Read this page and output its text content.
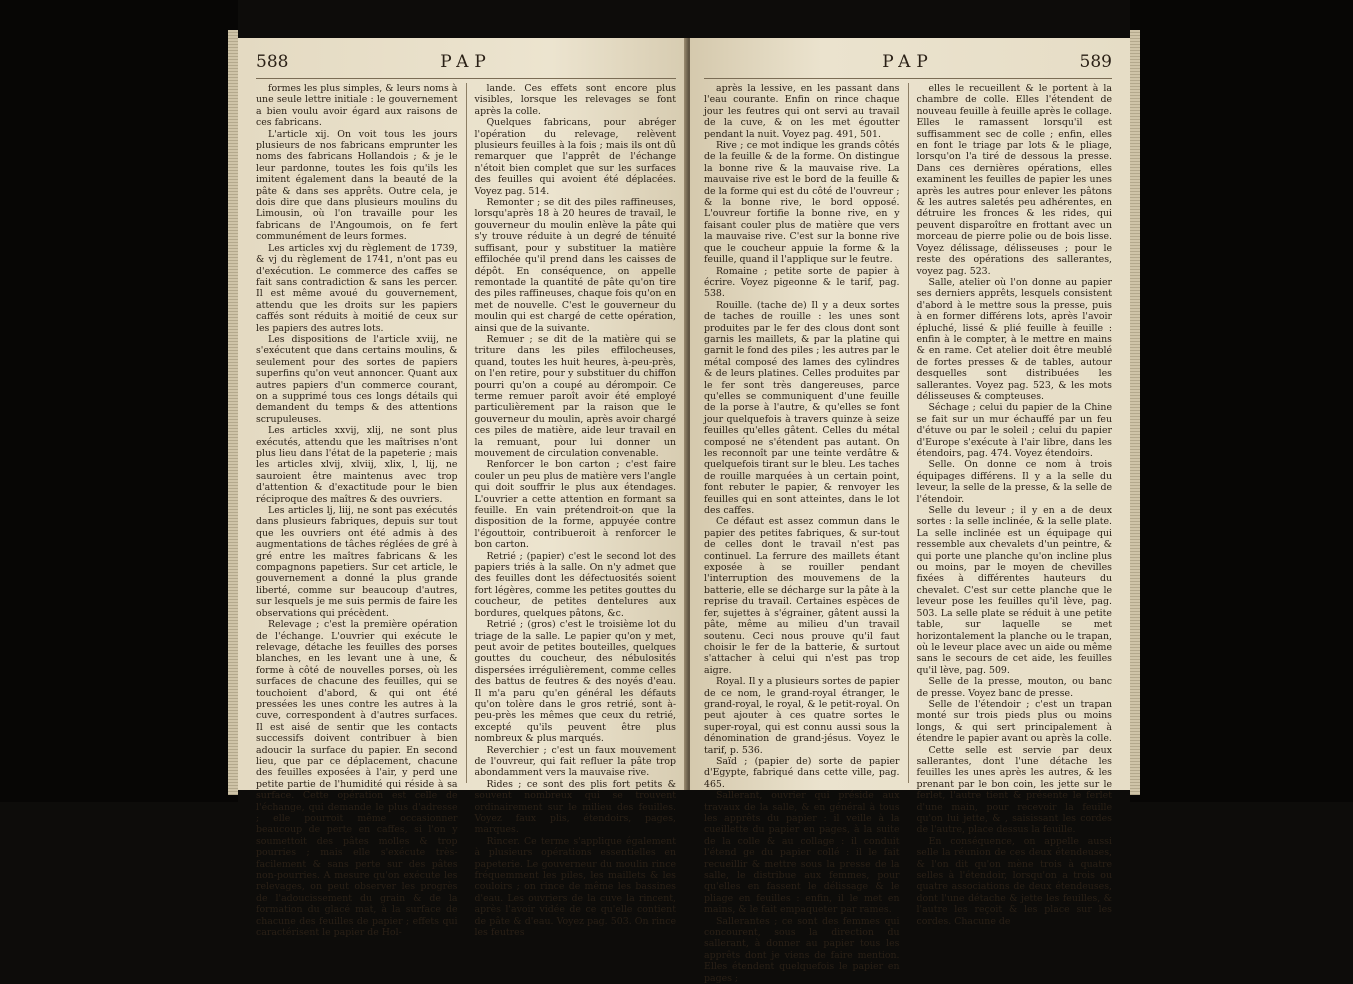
588	PAP

formes les plus simples, & leurs noms à une seule lettre initiale : le gouvernement a bien voulu avoir égard aux raisons de ces fabricans.

L'article xij. On voit tous les jours plusieurs de nos fabricans emprunter les noms des fabricans Hollandois ; & je le leur pardonne, toutes les fois qu'ils les imitent également dans la beauté de la pâte & dans ses apprêts. Outre cela, je dois dire que dans plusieurs moulins du Limousin, où l'on travaille pour les fabricans de l'Angoumois, on fe fert communément de leurs formes.

Les articles xvj du règlement de 1739, & vj du règlement de 1741, n'ont pas eu d'exécution. Le commerce des caffes se fait sans contradiction & sans les percer. Il est même avoué du gouvernement, attendu que les droits sur les papiers caffés sont réduits à moitié de ceux sur les papiers des autres lots.

Les dispositions de l'article xviij, ne s'exécutent que dans certains moulins, & seulement pour des sortes de papiers superfins qu'on veut annoncer. Quant aux autres papiers d'un commerce courant, on a supprimé tous ces longs détails qui demandent du temps & des attentions scrupuleuses.

Les articles xxvij, xlij, ne sont plus exécutés, attendu que les maîtrises n'ont plus lieu dans l'état de la papeterie ; mais les articles xlvij, xlviij, xlix, l, lij, ne sauroient être maintenus avec trop d'attention & d'exactitude pour le bien réciproque des maîtres & des ouvriers.

Les articles lj, liij, ne sont pas exécutés dans plusieurs fabriques, depuis sur tout que les ouvriers ont été admis à des augmentations de tâches réglées de gré à gré entre les maîtres fabricans & les compagnons papetiers. Sur cet article, le gouvernement a donné la plus grande liberté, comme sur beaucoup d'autres, sur lesquels je me suis permis de faire les observations qui précèdent.

Relevage ; c'est la première opération de l'échange. L'ouvrier qui exécute le relevage, détache les feuilles des porses blanches, en les levant une à une, & forme à côté de nouvelles porses, où les surfaces de chacune des feuilles, qui se touchoient d'abord, & qui ont été pressées les unes contre les autres à la cuve, correspondent à d'autres surfaces. Il est aisé de sentir que les contacts successifs doivent contribuer à bien adoucir la surface du papier. En second lieu, que par ce déplacement, chacune des feuilles exposées à l'air, y perd une petite partie de l'humidité qui réside à sa surface. Cette opération est celle de l'échange, qui demande le plus d'adresse ; elle pourroit même occasionner beaucoup de perte en caffes, si l'on y soumettoit des pâtes molles & trop pourries ; mais elle s'exécute très-facilement & sans perte sur des pâtes non-pourries. A mesure qu'on exécute les relevages, on peut observer les progrès de l'adoucissement du grain & de la formation du glacé mat, à la surface de chacune des feuilles de papier ; effets qui caractérisent le papier de Hol-

lande. Ces effets sont encore plus visibles, lorsque les relevages se font après la colle.

Quelques fabricans, pour abréger l'opération du relevage, relèvent plusieurs feuilles à la fois ; mais ils ont dû remarquer que l'apprêt de l'échange n'étoit bien complet que sur les surfaces des feuilles qui avoient été déplacées. Voyez pag. 514.

Remonter ; se dit des piles raffineuses, lorsqu'après 18 à 20 heures de travail, le gouverneur du moulin enlève la pâte qui s'y trouve réduite à un degré de ténuité suffisant, pour y substituer la matière effilochée qu'il prend dans les caisses de dépôt. En conséquence, on appelle remontade la quantité de pâte qu'on tire des piles raffineuses, chaque fois qu'on en met de nouvelle. C'est le gouverneur du moulin qui est chargé de cette opération, ainsi que de la suivante.

Remuer ; se dit de la matière qui se triture dans les piles effilocheuses, quand, toutes les huit heures, à-peu-près, on l'en retire, pour y substituer du chiffon pourri qu'on a coupé au dérompoir. Ce terme remuer paroît avoir été employé particulièrement par la raison que le gouverneur du moulin, après avoir chargé ces piles de matière, aide leur travail en la remuant, pour lui donner un mouvement de circulation convenable.

Renforcer le bon carton ; c'est faire couler un peu plus de matière vers l'angle qui doit souffrir le plus aux étendages. L'ouvrier a cette attention en formant sa feuille. En vain prétendroit-on que la disposition de la forme, appuyée contre l'égouttoir, contribueroit à renforcer le bon carton.

Retrié ; (papier) c'est le second lot des papiers triés à la salle. On n'y admet que des feuilles dont les défectuosités soient fort légères, comme les petites gouttes du coucheur, de petites dentelures aux bordures, quelques pâtons, &c.

Retrié ; (gros) c'est le troisième lot du triage de la salle. Le papier qu'on y met, peut avoir de petites bouteilles, quelques gouttes du coucheur, des nébulosités dispersées irrégulièrement, comme celles des battus de feutres & des noyés d'eau. Il m'a paru qu'en général les défauts qu'on tolère dans le gros retrié, sont à-peu-près les mêmes que ceux du retrié, excepté qu'ils peuvent être plus nombreux & plus marqués.

Reverchier ; c'est un faux mouvement de l'ouvreur, qui fait refluer la pâte trop abondamment vers la mauvaise rive.

Rides ; ce sont des plis fort petits & souvent nombreux qui se trouvent ordinairement sur le milieu des feuilles. Voyez faux plis, étendoirs, pages, marques.

Rincer. Ce terme s'applique également à plusieurs opérations essentielles en papeterie. Le gouverneur du moulin rince fréquemment les piles, les maillets & les couloirs ; on rince de même les bassines d'eau. Les ouvriers de la cuve la rincent, après l'avoir vidée de ce qu'elle contient de pâte & d'eau. Voyez pag. 503. On rince les feutres

PAP	589

après la lessive, en les passant dans l'eau courante. Enfin on rince chaque jour les feutres qui ont servi au travail de la cuve, & on les met égoutter pendant la nuit. Voyez pag. 491, 501.

Rive ; ce mot indique les grands côtés de la feuille & de la forme. On distingue la bonne rive & la mauvaise rive. La mauvaise rive est le bord de la feuille & de la forme qui est du côté de l'ouvreur ; & la bonne rive, le bord opposé. L'ouvreur fortifie la bonne rive, en y faisant couler plus de matière que vers la mauvaise rive. C'est sur la bonne rive que le coucheur appuie la forme & la feuille, quand il l'applique sur le feutre.

Romaine ; petite sorte de papier à écrire. Voyez pigeonne & le tarif, pag. 538.

Rouille. (tache de) Il y a deux sortes de taches de rouille : les unes sont produites par le fer des clous dont sont garnis les maillets, & par la platine qui garnit le fond des piles ; les autres par le métal composé des lames des cylindres & de leurs platines. Celles produites par le fer sont très dangereuses, parce qu'elles se communiquent d'une feuille de la porse à l'autre, & qu'elles se font jour quelquefois à travers quinze à seize feuilles qu'elles gâtent. Celles du métal composé ne s'étendent pas autant. On les reconnoît par une teinte verdâtre & quelquefois tirant sur le bleu. Les taches de rouille marquées à un certain point, font rebuter le papier, & renvoyer les feuilles qui en sont atteintes, dans le lot des caffes.

Ce défaut est assez commun dans le papier des petites fabriques, & sur-tout de celles dont le travail n'est pas continuel. La ferrure des maillets étant exposée à se rouiller pendant l'interruption des mouvemens de la batterie, elle se décharge sur la pâte à la reprise du travail. Certaines espèces de fer, sujettes à s'égrainer, gâtent aussi la pâte, même au milieu d'un travail soutenu. Ceci nous prouve qu'il faut choisir le fer de la batterie, & surtout s'attacher à celui qui n'est pas trop aigre.

Royal. Il y a plusieurs sortes de papier de ce nom, le grand-royal étranger, le grand-royal, le royal, & le petit-royal. On peut ajouter à ces quatre sortes le super-royal, qui est connu aussi sous la dénomination de grand-jésus. Voyez le tarif, p. 536.

Saïd ; (papier de) sorte de papier d'Egypte, fabriqué dans cette ville, pag. 465.

Sallerant, ouvrier qui préside aux travaux de la salle, & en général à tous les apprêts du papier : il veille à la cueillette du papier en pages, à la suite de la colle & au collage : il conduit l'étend ge du papier collé : il le fait recueillir & mettre sous la presse de la salle, le distribue aux femmes, pour qu'elles en fassent le délissage & le pliage en feuilles : enfin, il le met en mains, & le fait empaqueter par rames.

Sallerantes ; ce sont des femmes qui concourent, sous la direction du sallerant, à donner au papier tous les apprêts dont je viens de faire mention. Elles étendent quelquefois le papier en pages ;

elles le recueillent & le portent à la chambre de colle. Elles l'étendent de nouveau feuille à feuille après le collage. Elles le ramassent lorsqu'il est suffisamment sec de colle ; enfin, elles en font le triage par lots & le pliage, lorsqu'on l'a tiré de dessous la presse. Dans ces dernières opérations, elles examinent les feuilles de papier les unes après les autres pour enlever les pâtons & les autres saletés peu adhérentes, en détruire les fronces & les rides, qui peuvent disparoître en frottant avec un morceau de pierre polie ou de bois lisse. Voyez délissage, délisseuses ; pour le reste des opérations des sallerantes, voyez pag. 523.

Salle, atelier où l'on donne au papier ses derniers apprêts, lesquels consistent d'abord à le mettre sous la presse, puis à en former différens lots, après l'avoir épluché, lissé & plié feuille à feuille : enfin à le compter, à le mettre en mains & en rame. Cet atelier doit être meublé de fortes presses & de tables, autour desquelles sont distribuées les sallerantes. Voyez pag. 523, & les mots délisseuses & compteuses.

Séchage ; celui du papier de la Chine se fait sur un mur échauffé par un feu d'étuve ou par le soleil ; celui du papier d'Europe s'exécute à l'air libre, dans les étendoirs, pag. 474. Voyez étendoirs.

Selle. On donne ce nom à trois équipages différens. Il y a la selle du leveur, la selle de la presse, & la selle de l'étendoir.

Selle du leveur ; il y en a de deux sortes : la selle inclinée, & la selle plate. La selle inclinée est un équipage qui ressemble aux chevalets d'un peintre, & qui porte une planche qu'on incline plus ou moins, par le moyen de chevilles fixées à différentes hauteurs du chevalet. C'est sur cette planche que le leveur pose les feuilles qu'il lève, pag. 503. La selle plate se réduit à une petite table, sur laquelle se met horizontalement la planche ou le trapan, où le leveur place avec un aide ou même sans le secours de cet aide, les feuilles qu'il lève, pag. 509.

Selle de la presse, mouton, ou banc de presse. Voyez banc de presse.

Selle de l'étendoir ; c'est un trapan monté sur trois pieds plus ou moins longs, & qui sert principalement à étendre le papier avant ou après la colle.

Cette selle est servie par deux sallerantes, dont l'une détache les feuilles les unes après les autres, & les prenant par le bon coin, les jette sur le ferlet, l'autre tient & présente le ferlet d'une main, pour recevoir la feuille qu'on lui jette, & , saisissant les cordes de l'autre, place dessus la feuille.

En conséquence, on appelle aussi selle la réunion de ces deux étendeuses, & l'on dit qu'on mène trois à quatre selles à l'étendoir, lorsqu'on a trois ou quatre associations de deux étendeuses, dont l'une détache & jette les feuilles, & l'autre les reçoit & les place sur les cordes. Chacune de
